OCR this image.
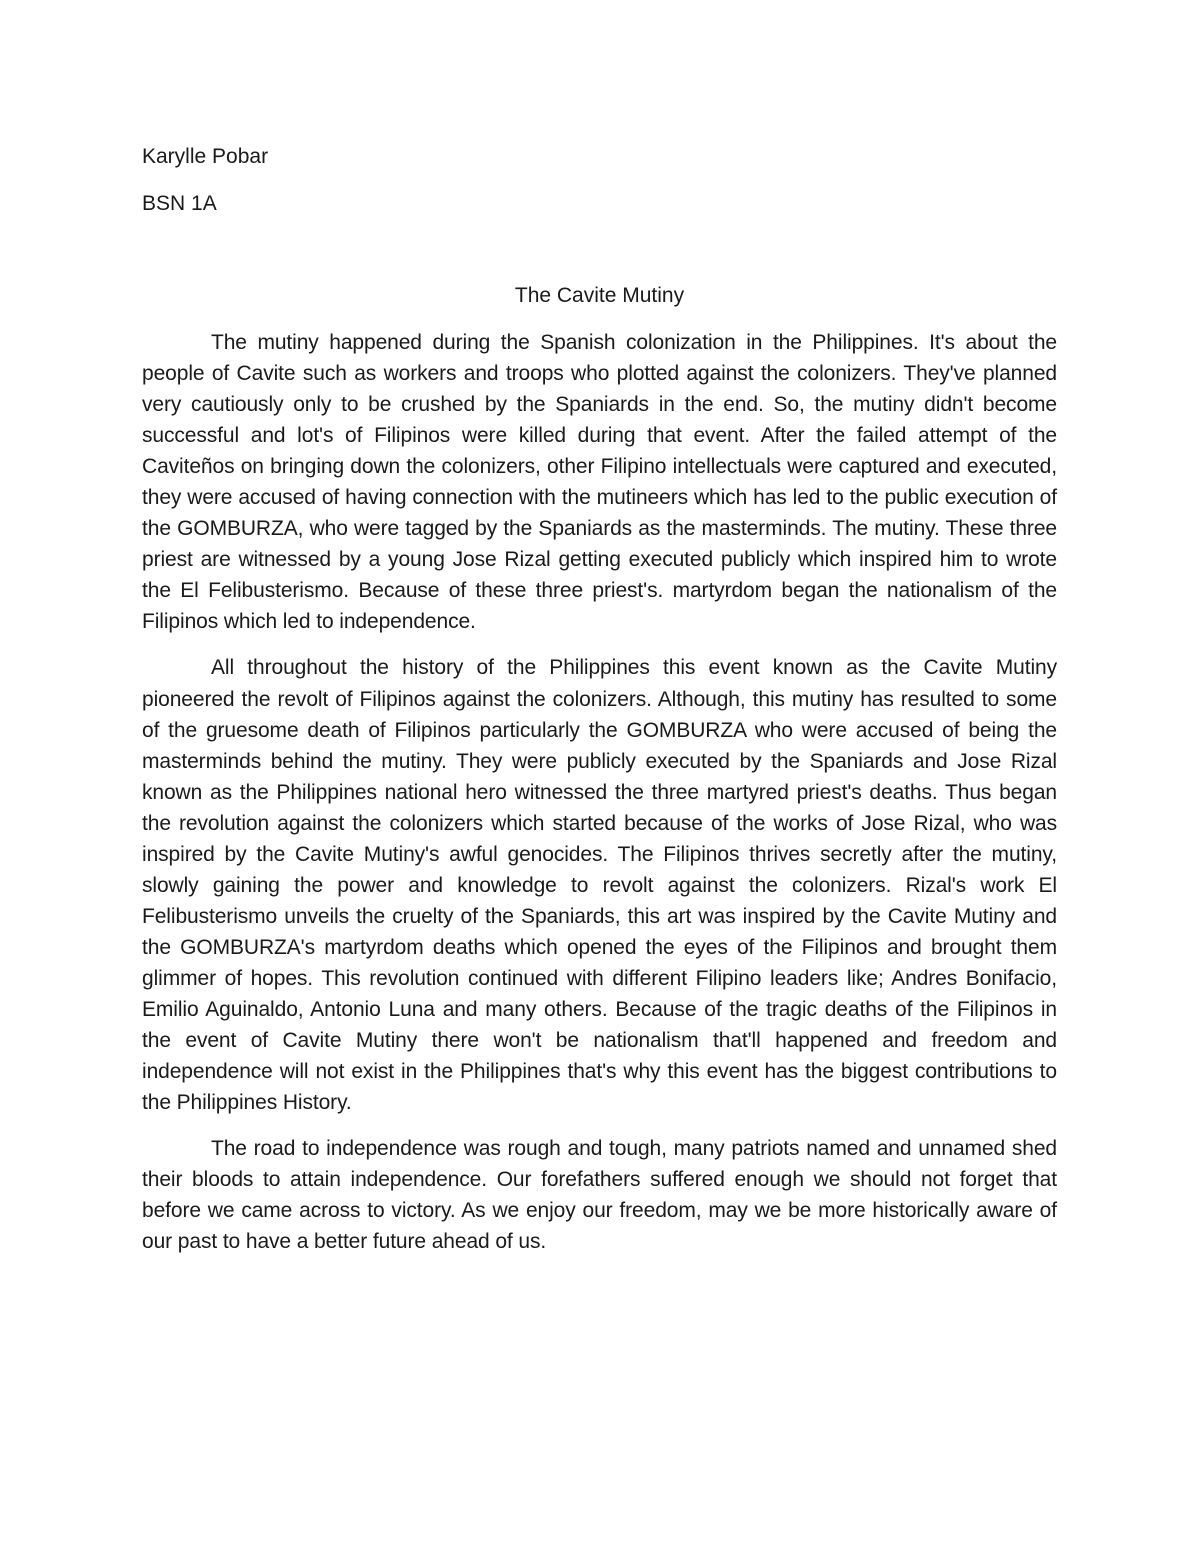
Karylle Pobar
BSN 1A
The Cavite Mutiny

The mutiny happened during the Spanish colonization in the Philippines. It's about the people of Cavite such as workers and troops who plotted against the colonizers. They've planned very cautiously only to be crushed by the Spaniards in the end. So, the mutiny didn't become successful and lot's of Filipinos were killed during that event. After the failed attempt of the Caviteños on bringing down the colonizers, other Filipino intellectuals were captured and executed, they were accused of having connection with the mutineers which has led to the public execution of the GOMBURZA, who were tagged by the Spaniards as the masterminds. The mutiny. These three priest are witnessed by a young Jose Rizal getting executed publicly which inspired him to wrote the El Felibusterismo. Because of these three priest's. martyrdom began the nationalism of the Filipinos which led to independence.

All throughout the history of the Philippines this event known as the Cavite Mutiny pioneered the revolt of Filipinos against the colonizers. Although, this mutiny has resulted to some of the gruesome death of Filipinos particularly the GOMBURZA who were accused of being the masterminds behind the mutiny. They were publicly executed by the Spaniards and Jose Rizal known as the Philippines national hero witnessed the three martyred priest's deaths. Thus began the revolution against the colonizers which started because of the works of Jose Rizal, who was inspired by the Cavite Mutiny's awful genocides. The Filipinos thrives secretly after the mutiny, slowly gaining the power and knowledge to revolt against the colonizers. Rizal's work El Felibusterismo unveils the cruelty of the Spaniards, this art was inspired by the Cavite Mutiny and the GOMBURZA's martyrdom deaths which opened the eyes of the Filipinos and brought them glimmer of hopes. This revolution continued with different Filipino leaders like; Andres Bonifacio, Emilio Aguinaldo, Antonio Luna and many others. Because of the tragic deaths of the Filipinos in the event of Cavite Mutiny there won't be nationalism that'll happened and freedom and independence will not exist in the Philippines that's why this event has the biggest contributions to the Philippines History.

The road to independence was rough and tough, many patriots named and unnamed shed their bloods to attain independence. Our forefathers suffered enough we should not forget that before we came across to victory. As we enjoy our freedom, may we be more historically aware of our past to have a better future ahead of us.
